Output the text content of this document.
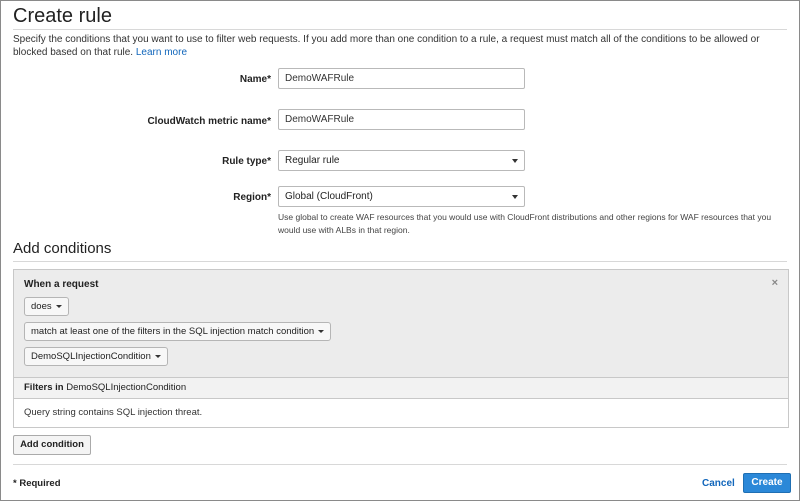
Create rule
Specify the conditions that you want to use to filter web requests. If you add more than one condition to a rule, a request must match all of the conditions to be allowed or blocked based on that rule. Learn more
Name*
DemoWAFRule
CloudWatch metric name*
DemoWAFRule
Rule type*	Regular rule
Region*	Global (CloudFront)
Use global to create WAF resources that you would use with CloudFront distributions and other regions for WAF resources that you would use with ALBs in that region.
Add conditions
When a request	×
does
match at least one of the filters in the SQL injection match condition
DemoSQLInjectionCondition
Filters in DemoSQLInjectionCondition
Query string contains SQL injection threat.
Add condition
* Required	Cancel	Create
